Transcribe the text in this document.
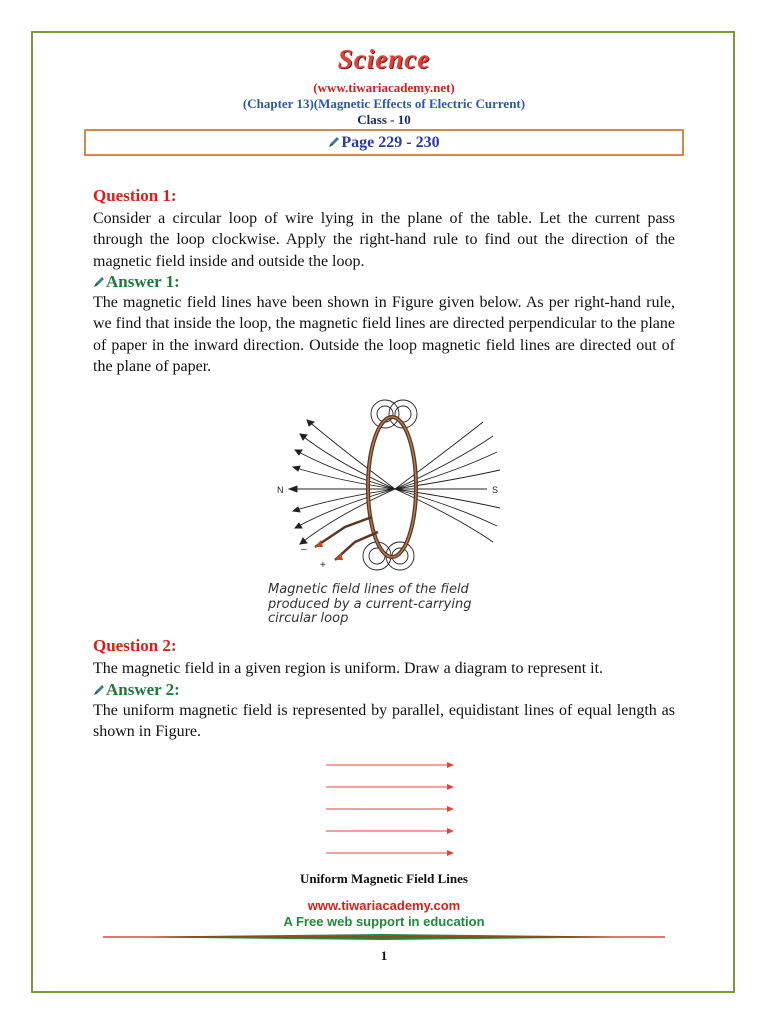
Science
(www.tiwariacademy.net)
(Chapter 13)(Magnetic Effects of Electric Current)
Class - 10
Page 229 - 230
Question 1:
Consider a circular loop of wire lying in the plane of the table. Let the current pass through the loop clockwise. Apply the right-hand rule to find out the direction of the magnetic field inside and outside the loop.
Answer 1:
The magnetic field lines have been shown in Figure given below. As per right-hand rule, we find that inside the loop, the magnetic field lines are directed perpendicular to the plane of paper in the inward direction. Outside the loop magnetic field lines are directed out of the plane of paper.
N	S
–
+
Magnetic field lines of the field produced by a current-carrying circular loop
Question 2:
The magnetic field in a given region is uniform. Draw a diagram to represent it.
Answer 2:
The uniform magnetic field is represented by parallel, equidistant lines of equal length as shown in Figure.
Uniform Magnetic Field Lines
www.tiwariacademy.com
A Free web support in education
1
